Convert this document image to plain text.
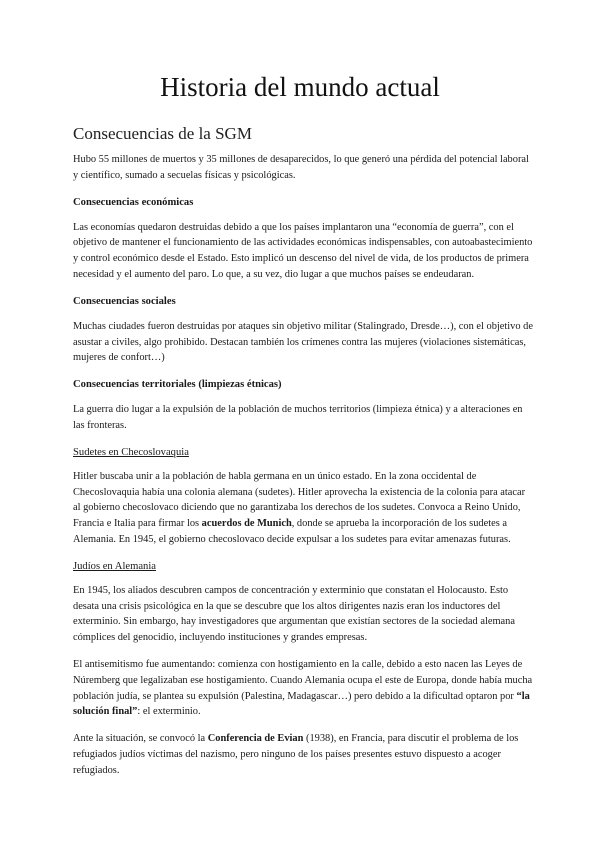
Historia del mundo actual
Consecuencias de la SGM

Hubo 55 millones de muertos y 35 millones de desaparecidos, lo que generó una pérdida del potencial laboral y científico, sumado a secuelas físicas y psicológicas.

Consecuencias económicas

Las economías quedaron destruidas debido a que los países implantaron una “economía de guerra”, con el objetivo de mantener el funcionamiento de las actividades económicas indispensables, con autoabastecimiento y control económico desde el Estado. Esto implicó un descenso del nivel de vida, de los productos de primera necesidad y el aumento del paro. Lo que, a su vez, dio lugar a que muchos países se endeudaran.

Consecuencias sociales

Muchas ciudades fueron destruidas por ataques sin objetivo militar (Stalingrado, Dresde…), con el objetivo de asustar a civiles, algo prohibido. Destacan también los crímenes contra las mujeres (violaciones sistemáticas, mujeres de confort…)

Consecuencias territoriales (limpiezas étnicas)

La guerra dio lugar a la expulsión de la población de muchos territorios (limpieza étnica) y a alteraciones en las fronteras.

Sudetes en Checoslovaquia

Hitler buscaba unir a la población de habla germana en un único estado. En la zona occidental de Checoslovaquia había una colonia alemana (sudetes). Hitler aprovecha la existencia de la colonia para atacar al gobierno checoslovaco diciendo que no garantizaba los derechos de los sudetes. Convoca a Reino Unido, Francia e Italia para firmar los acuerdos de Munich, donde se aprueba la incorporación de los sudetes a Alemania. En 1945, el gobierno checoslovaco decide expulsar a los sudetes para evitar amenazas futuras.

Judíos en Alemania

En 1945, los aliados descubren campos de concentración y exterminio que constatan el Holocausto. Esto desata una crisis psicológica en la que se descubre que los altos dirigentes nazis eran los inductores del exterminio. Sin embargo, hay investigadores que argumentan que existían sectores de la sociedad alemana cómplices del genocidio, incluyendo instituciones y grandes empresas.

El antisemitismo fue aumentando: comienza con hostigamiento en la calle, debido a esto nacen las Leyes de Núremberg que legalizaban ese hostigamiento. Cuando Alemania ocupa el este de Europa, donde había mucha población judía, se plantea su expulsión (Palestina, Madagascar…) pero debido a la dificultad optaron por “la solución final”: el exterminio.

Ante la situación, se convocó la Conferencia de Evian (1938), en Francia, para discutir el problema de los refugiados judíos víctimas del nazismo, pero ninguno de los países presentes estuvo dispuesto a acoger refugiados.
